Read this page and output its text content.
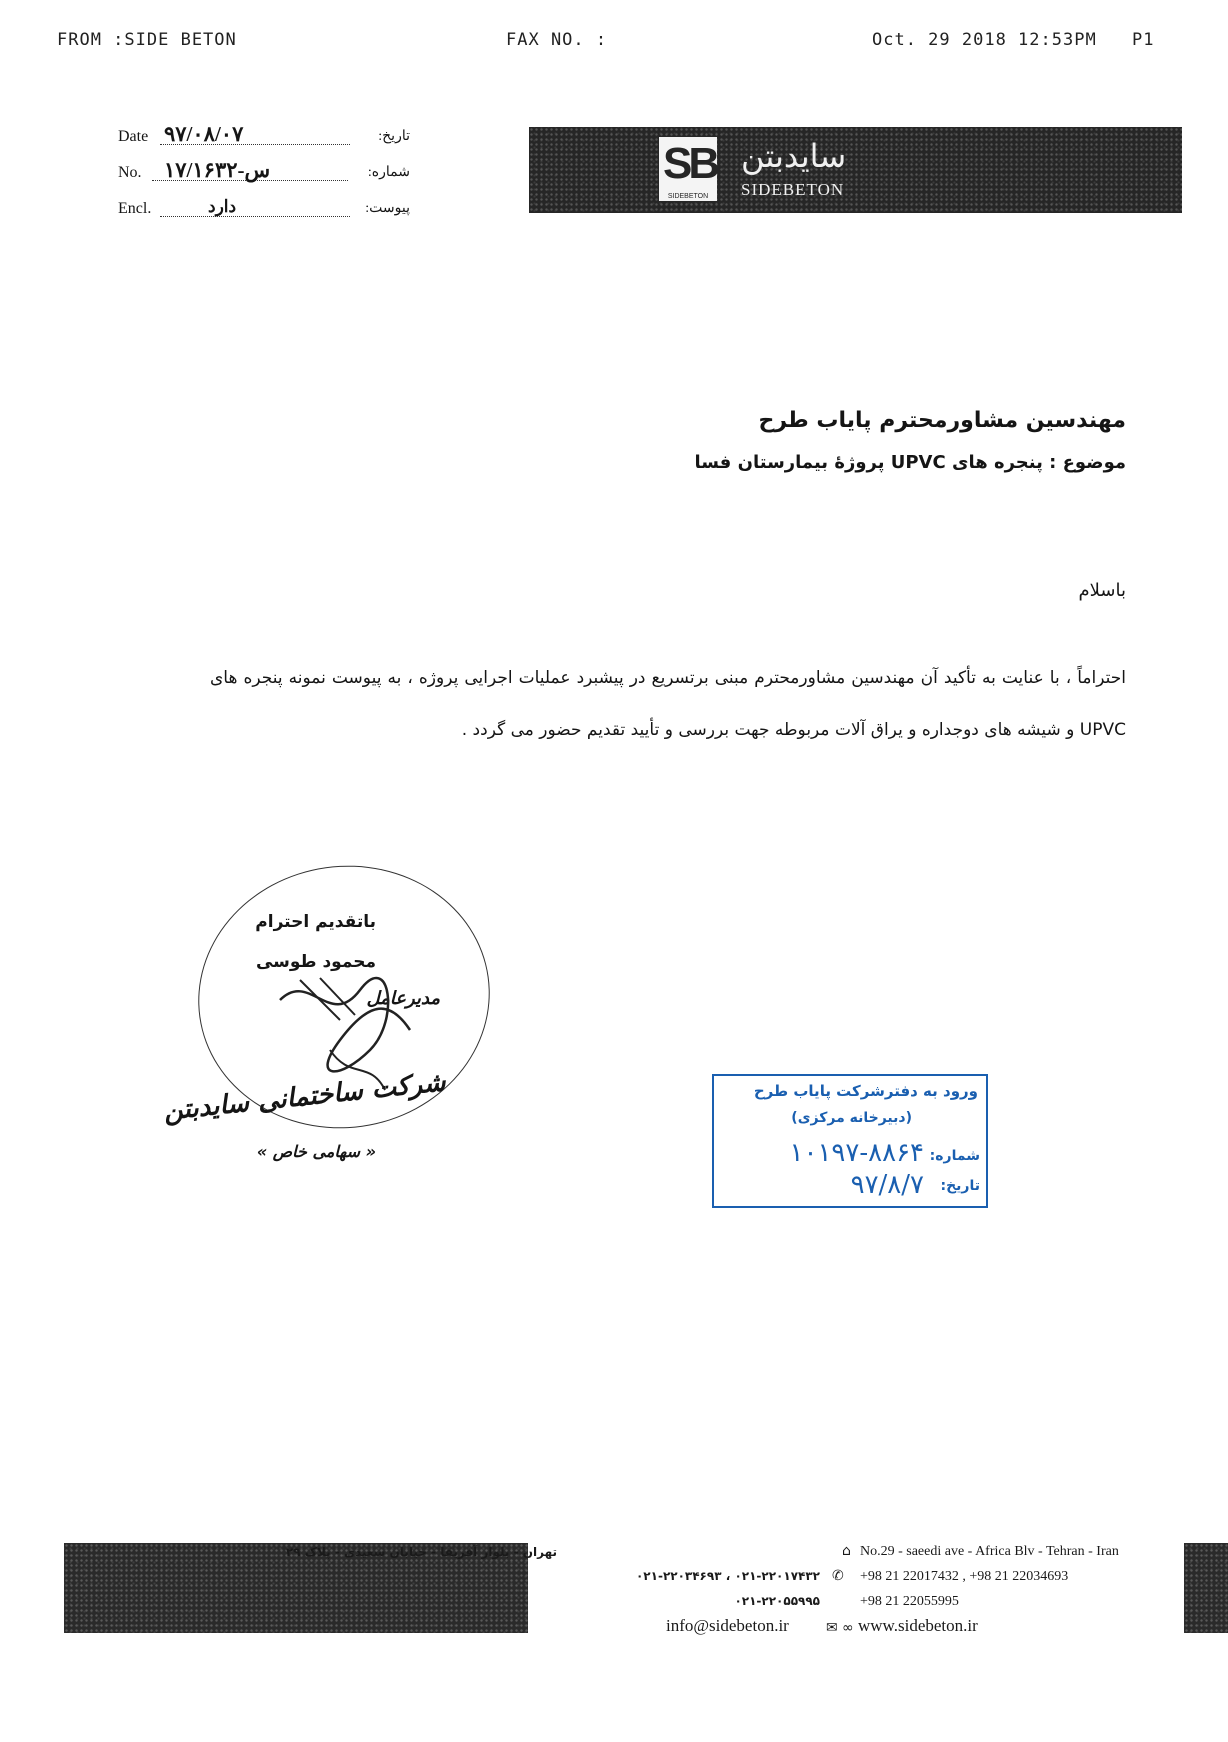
FROM :SIDE BETON	FAX NO. :	Oct. 29 2018 12:53PM P1
Date ۹۷/۰۸/۰۷	تاریخ:
No. س-۱۷/۱۶۳۲	شماره:
Encl.	دارد	پیوست:
SB
SIDEBETON
سایدبتن
SIDEBETON
مهندسین مشاورمحترم پایاب طرح
موضوع : پنجره های UPVC پروژۀ بیمارستان فسا
باسلام
احتراماً ، با عنایت به تأکید آن مهندسین مشاورمحترم مبنی برتسریع در پیشبرد عملیات اجرایی پروژه ، به پیوست نمونه پنجره های UPVC و شیشه های دوجداره و یراق آلات مربوطه جهت بررسی و تأیید تقدیم حضور می گردد .
باتقدیم احترام
محمود طوسی
مدیرعامل
شرکت ساختمانی سایدبتن
« سهامی خاص »
ورود به دفترشرکت پایاب طرح
(دبیرخانه مرکزی)
شماره:
۱۰۱۹۷-۸۸۶۴
تاریخ:
۹۷/۸/۷
تهران - بلوار آفریقا - خیابان سعیدی - پلاک ۲۹	⌂ No.29 - saeedi ave - Africa Blv - Tehran - Iran
۰۲۱-۲۲۰۱۷۴۳۲ ، ۰۲۱-۲۲۰۳۴۶۹۳ ✆ +98 21 22017432 , +98 21 22034693
۰۲۱-۲۲۰۵۵۹۹۵	+98 21 22055995
info@sidebeton.ir	✉ ∞ www.sidebeton.ir
